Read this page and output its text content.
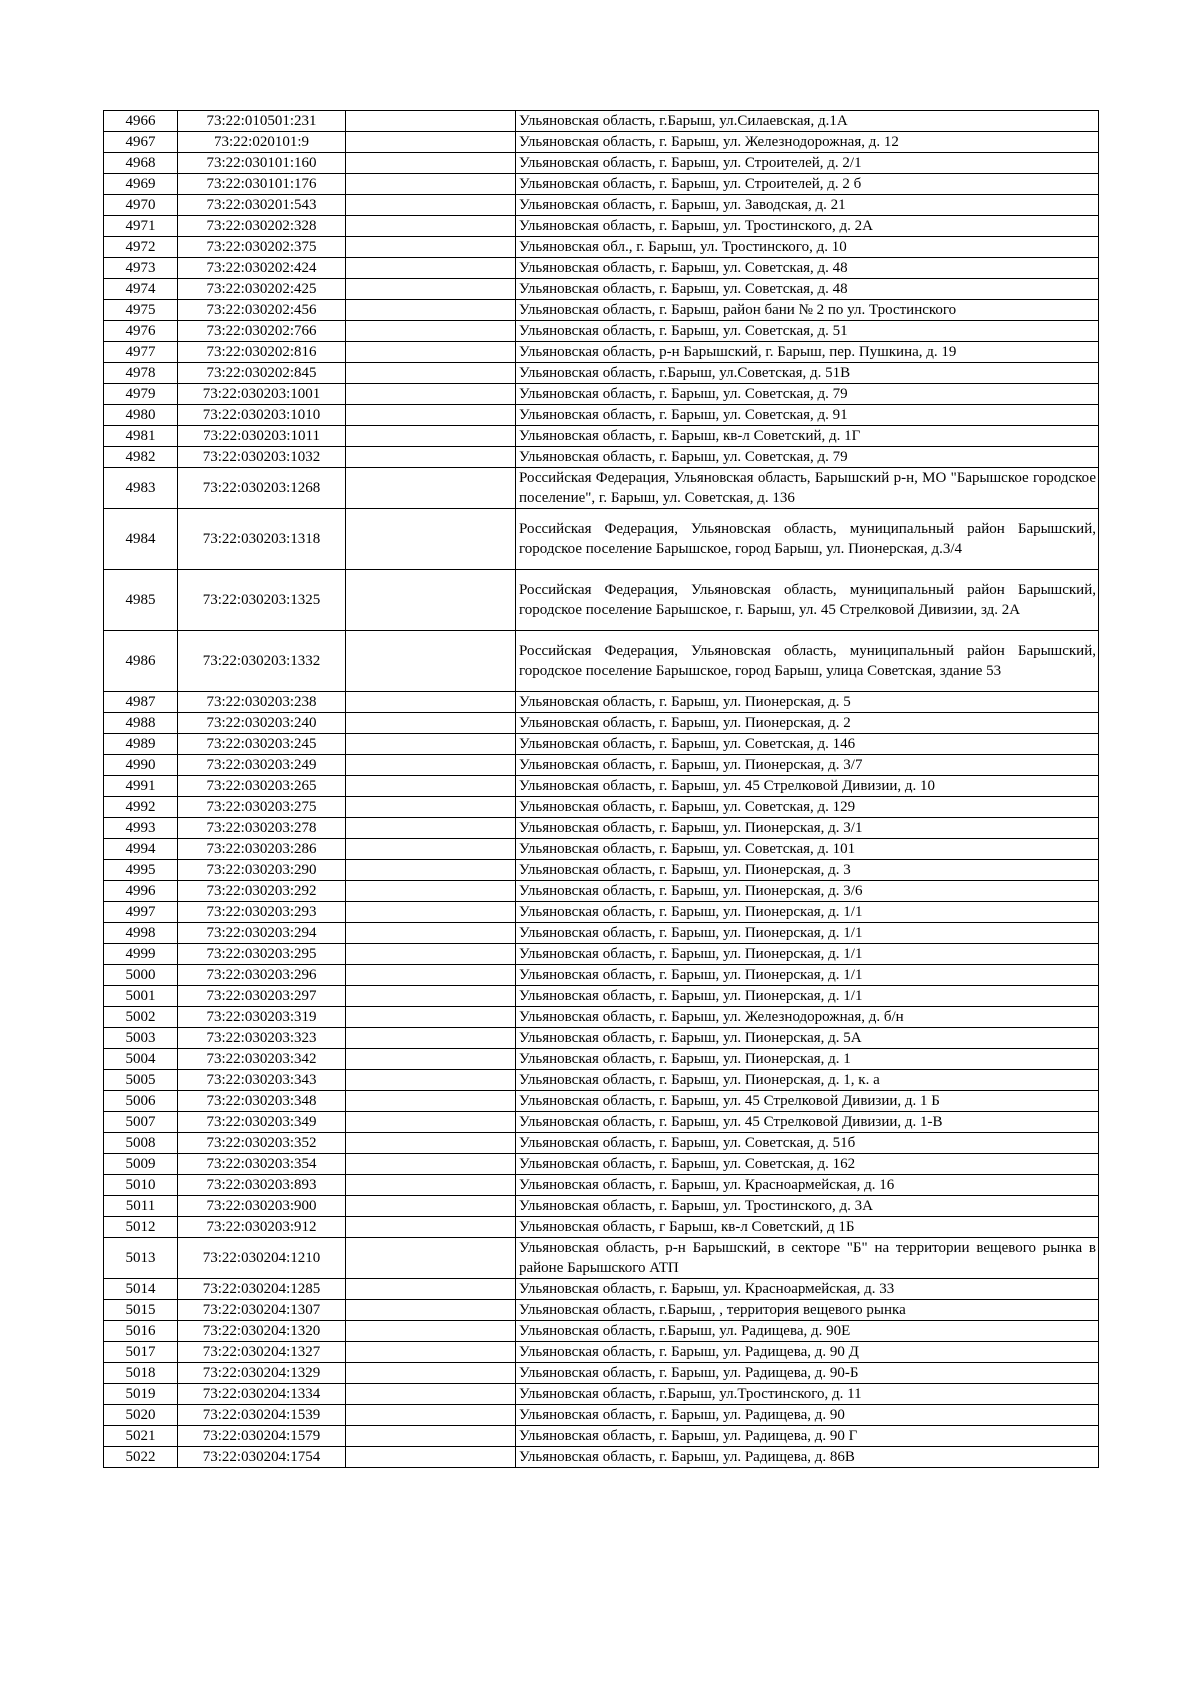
4966	73:22:010501:231		Ульяновская область, г.Барыш, ул.Силаевская, д.1А
4967	73:22:020101:9		Ульяновская область, г. Барыш, ул. Железнодорожная, д. 12
4968	73:22:030101:160		Ульяновская область, г. Барыш, ул. Строителей, д. 2/1
4969	73:22:030101:176		Ульяновская область, г. Барыш, ул. Строителей, д. 2 б
4970	73:22:030201:543		Ульяновская область, г. Барыш, ул. Заводская, д. 21
4971	73:22:030202:328		Ульяновская область, г. Барыш, ул. Тростинского, д. 2А
4972	73:22:030202:375		Ульяновская обл., г. Барыш, ул. Тростинского, д. 10
4973	73:22:030202:424		Ульяновская область, г. Барыш, ул. Советская, д. 48
4974	73:22:030202:425		Ульяновская область, г. Барыш, ул. Советская, д. 48
4975	73:22:030202:456		Ульяновская область, г. Барыш, район бани № 2 по ул. Тростинского
4976	73:22:030202:766		Ульяновская область, г. Барыш, ул. Советская, д. 51
4977	73:22:030202:816		Ульяновская область, р-н Барышский, г. Барыш, пер. Пушкина, д. 19
4978	73:22:030202:845		Ульяновская область, г.Барыш, ул.Советская, д. 51В
4979	73:22:030203:1001		Ульяновская область, г. Барыш, ул. Советская, д. 79
4980	73:22:030203:1010		Ульяновская область, г. Барыш, ул. Советская, д. 91
4981	73:22:030203:1011		Ульяновская область, г. Барыш, кв-л Советский, д. 1Г
4982	73:22:030203:1032		Ульяновская область, г. Барыш, ул. Советская, д. 79
4983	73:22:030203:1268		Российская Федерация, Ульяновская область, Барышский р-н, МО "Барышское городское поселение", г. Барыш, ул. Советская, д. 136
4984	73:22:030203:1318		Российская Федерация, Ульяновская область, муниципальный район Барышский, городское поселение Барышское, город Барыш, ул. Пионерская, д.3/4
4985	73:22:030203:1325		Российская Федерация, Ульяновская область, муниципальный район Барышский, городское поселение Барышское, г. Барыш, ул. 45 Стрелковой Дивизии, зд. 2А
4986	73:22:030203:1332		Российская Федерация, Ульяновская область, муниципальный район Барышский, городское поселение Барышское, город Барыш, улица Советская, здание 53
4987	73:22:030203:238		Ульяновская область, г. Барыш, ул. Пионерская, д. 5
4988	73:22:030203:240		Ульяновская область, г. Барыш, ул. Пионерская, д. 2
4989	73:22:030203:245		Ульяновская область, г. Барыш, ул. Советская, д. 146
4990	73:22:030203:249		Ульяновская область, г. Барыш, ул. Пионерская, д. 3/7
4991	73:22:030203:265		Ульяновская область, г. Барыш, ул. 45 Стрелковой Дивизии, д. 10
4992	73:22:030203:275		Ульяновская область, г. Барыш, ул. Советская, д. 129
4993	73:22:030203:278		Ульяновская область, г. Барыш, ул. Пионерская, д. 3/1
4994	73:22:030203:286		Ульяновская область, г. Барыш, ул. Советская, д. 101
4995	73:22:030203:290		Ульяновская область, г. Барыш, ул. Пионерская, д. 3
4996	73:22:030203:292		Ульяновская область, г. Барыш, ул. Пионерская, д. 3/6
4997	73:22:030203:293		Ульяновская область, г. Барыш, ул. Пионерская, д. 1/1
4998	73:22:030203:294		Ульяновская область, г. Барыш, ул. Пионерская, д. 1/1
4999	73:22:030203:295		Ульяновская область, г. Барыш, ул. Пионерская, д. 1/1
5000	73:22:030203:296		Ульяновская область, г. Барыш, ул. Пионерская, д. 1/1
5001	73:22:030203:297		Ульяновская область, г. Барыш, ул. Пионерская, д. 1/1
5002	73:22:030203:319		Ульяновская область, г. Барыш, ул. Железнодорожная, д. б/н
5003	73:22:030203:323		Ульяновская область, г. Барыш, ул. Пионерская, д. 5А
5004	73:22:030203:342		Ульяновская область, г. Барыш, ул. Пионерская, д. 1
5005	73:22:030203:343		Ульяновская область, г. Барыш, ул. Пионерская, д. 1, к. а
5006	73:22:030203:348		Ульяновская область, г. Барыш, ул. 45 Стрелковой Дивизии, д. 1 Б
5007	73:22:030203:349		Ульяновская область, г. Барыш, ул. 45 Стрелковой Дивизии, д. 1-В
5008	73:22:030203:352		Ульяновская область, г. Барыш, ул. Советская, д. 51б
5009	73:22:030203:354		Ульяновская область, г. Барыш, ул. Советская, д. 162
5010	73:22:030203:893		Ульяновская область, г. Барыш, ул. Красноармейская, д. 16
5011	73:22:030203:900		Ульяновская область, г. Барыш, ул. Тростинского, д. 3А
5012	73:22:030203:912		Ульяновская область, г Барыш, кв-л Советский, д 1Б
5013	73:22:030204:1210		Ульяновская область, р-н Барышский, в секторе "Б" на территории вещевого рынка в районе Барышского АТП
5014	73:22:030204:1285		Ульяновская область, г. Барыш, ул. Красноармейская, д. 33
5015	73:22:030204:1307		Ульяновская область, г.Барыш, , территория вещевого рынка
5016	73:22:030204:1320		Ульяновская область, г.Барыш, ул. Радищева, д. 90Е
5017	73:22:030204:1327		Ульяновская область, г. Барыш, ул. Радищева, д. 90 Д
5018	73:22:030204:1329		Ульяновская область, г. Барыш, ул. Радищева, д. 90-Б
5019	73:22:030204:1334		Ульяновская область, г.Барыш, ул.Тростинского, д. 11
5020	73:22:030204:1539		Ульяновская область, г. Барыш, ул. Радищева, д. 90
5021	73:22:030204:1579		Ульяновская область, г. Барыш, ул. Радищева, д. 90 Г
5022	73:22:030204:1754		Ульяновская область, г. Барыш, ул. Радищева, д. 86В
